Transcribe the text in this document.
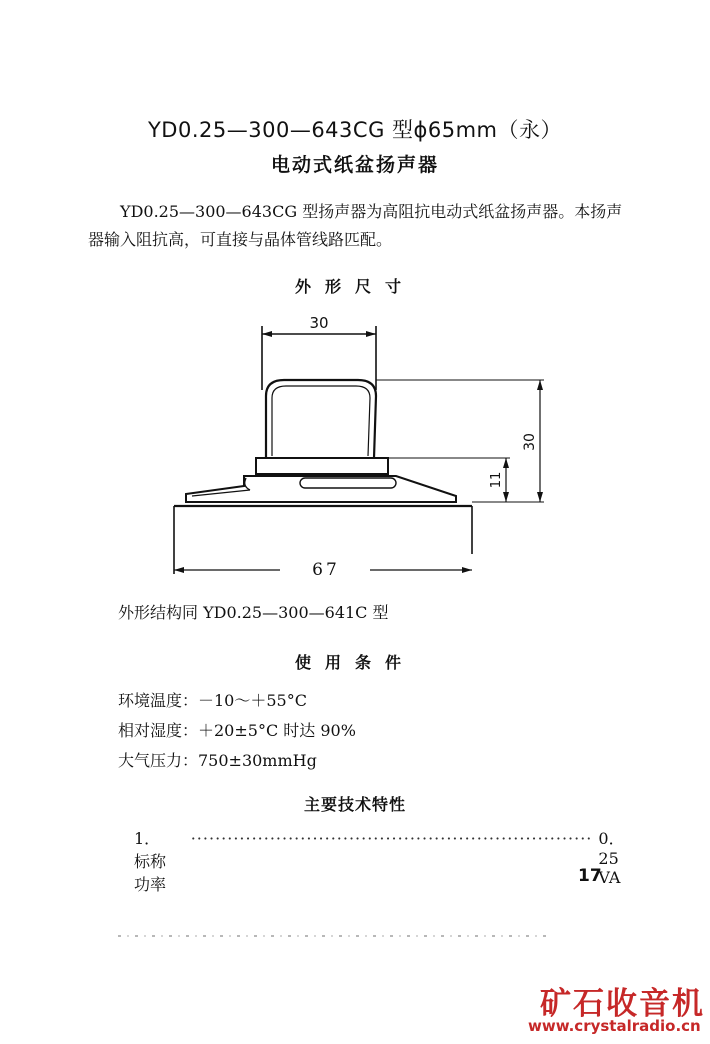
YD0.25—300—643CG 型ϕ65mm（永）
电动式纸盆扬声器
YD0.25—300—643CG 型扬声器为高阻抗电动式纸盆扬声器。本扬声器输入阻抗高，可直接与晶体管线路匹配。
外形尺寸
30
30
11
67
外形结构同 YD0.25—300—641C 型
使用条件
环境温度：－10～＋55°C
相对湿度：＋20±5°C 时达 90%
大气压力：750±30mmHg
主要技术特性
1．标称功率
·································································· 0．25 VA
17
矿石收音机
www.crystalradio.cn
